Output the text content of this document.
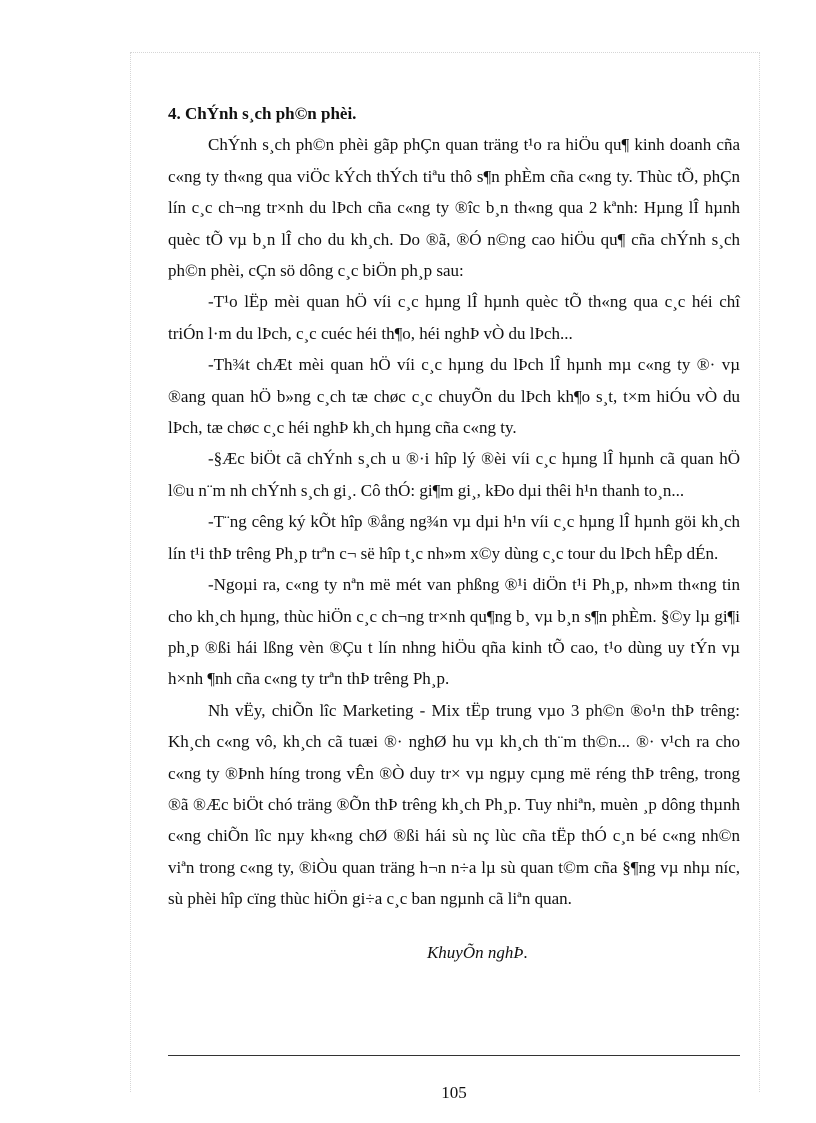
4. ChÝnh s¸ch ph©n phèi.

ChÝnh s¸ch ph©n phèi gãp phÇn quan träng t¹o ra hiÖu qu¶ kinh doanh cña c«ng ty th«ng qua viÖc kÝch thÝch tiªu thô s¶n phÈm cña c«ng ty. Thùc tÕ, phÇn lín c¸c ch¬ng tr×nh du lÞch cña c«ng ty ®îc b¸n th«ng qua 2 kªnh: Hµng lÎ hµnh quèc tÕ vµ b¸n lÎ cho du kh¸ch. Do ®ã, ®Ó n©ng cao hiÖu qu¶ cña chÝnh s¸ch ph©n phèi, cÇn sö dông c¸c biÖn ph¸p sau:

-T¹o lËp mèi quan hÖ víi c¸c hµng lÎ hµnh quèc tÕ th«ng qua c¸c héi chî triÓn l·m du lÞch, c¸c cuéc héi th¶o, héi nghÞ vÒ du lÞch...

-Th¾t chÆt mèi quan hÖ víi c¸c hµng du lÞch lÎ hµnh mµ c«ng ty ®· vµ ®ang quan hÖ b»ng c¸ch tæ chøc c¸c chuyÕn du lÞch kh¶o s¸t, t×m hiÓu vÒ du lÞch, tæ chøc c¸c héi nghÞ kh¸ch hµng cña c«ng ty.

-§Æc biÖt cã chÝnh s¸ch u ®·i hîp lý ®èi víi c¸c hµng lÎ hµnh cã quan hÖ l©u n¨m nh chÝnh s¸ch gi¸. Cô thÓ: gi¶m gi¸, kÐo dµi thêi h¹n thanh to¸n...

-T¨ng cêng ký kÕt hîp ®ång ng¾n vµ dµi h¹n víi c¸c hµng lÎ hµnh göi kh¸ch lín t¹i thÞ trêng Ph¸p trªn c¬ së hîp t¸c nh»m x©y dùng c¸c tour du lÞch hÊp dÉn.

-Ngoµi ra, c«ng ty nªn më mét van phßng ®¹i diÖn t¹i Ph¸p, nh»m th«ng tin cho kh¸ch hµng, thùc hiÖn c¸c ch¬ng tr×nh qu¶ng b¸ vµ b¸n s¶n phÈm. §©y lµ gi¶i ph¸p ®ßi hái lßng vèn ®Çu t lín nhng hiÖu qña kinh tÕ cao, t¹o dùng uy tÝn vµ h×nh ¶nh cña c«ng ty trªn thÞ trêng Ph¸p.

Nh vËy, chiÕn lîc Marketing - Mix tËp trung vµo 3 ph©n ®o¹n thÞ trêng: Kh¸ch c«ng vô, kh¸ch cã tuæi ®· nghØ hu vµ kh¸ch th¨m th©n... ®· v¹ch ra cho c«ng ty ®Þnh híng trong vÊn ®Ò duy tr× vµ ngµy cµng më réng thÞ trêng, trong ®ã ®Æc biÖt chó träng ®Õn thÞ trêng kh¸ch Ph¸p. Tuy nhiªn, muèn ¸p dông thµnh c«ng chiÕn lîc nµy kh«ng chØ ®ßi hái sù nç lùc cña tËp thÓ c¸n bé c«ng nh©n viªn trong c«ng ty, ®iÒu quan träng h¬n n÷a lµ sù quan t©m cña §¶ng vµ nhµ níc, sù phèi hîp cïng thùc hiÖn gi÷a c¸c ban ngµnh cã liªn quan.

KhuyÕn nghÞ.

105
